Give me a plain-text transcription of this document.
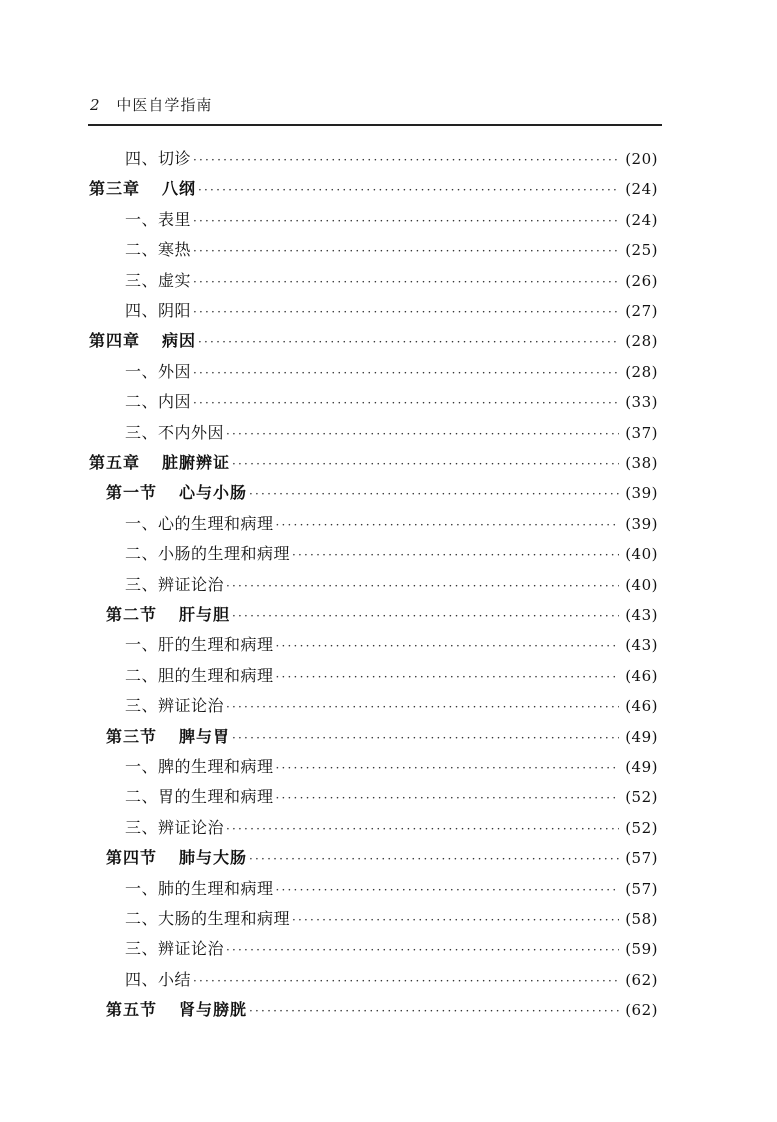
2 中医自学指南
四、切诊 ·····	(20)
第三章 八纲 ·····	(24)
一、表里 ·····	(24)
二、寒热 ·····	(25)
三、虚实 ·····	(26)
四、阴阳 ·····	(27)
第四章 病因 ·····	(28)
一、外因 ·····	(28)
二、内因 ·····	(33)
三、不内外因 ·····	(37)
第五章 脏腑辨证 ·····	(38)
第一节 心与小肠 ·····	(39)
一、心的生理和病理 ·····	(39)
二、小肠的生理和病理 ·····	(40)
三、辨证论治 ·····	(40)
第二节 肝与胆 ·····	(43)
一、肝的生理和病理 ·····	(43)
二、胆的生理和病理 ·····	(46)
三、辨证论治 ·····	(46)
第三节 脾与胃 ·····	(49)
一、脾的生理和病理 ·····	(49)
二、胃的生理和病理 ·····	(52)
三、辨证论治 ·····	(52)
第四节 肺与大肠 ·····	(57)
一、肺的生理和病理 ·····	(57)
二、大肠的生理和病理 ·····	(58)
三、辨证论治 ·····	(59)
四、小结 ·····	(62)
第五节 肾与膀胱 ·····	(62)
